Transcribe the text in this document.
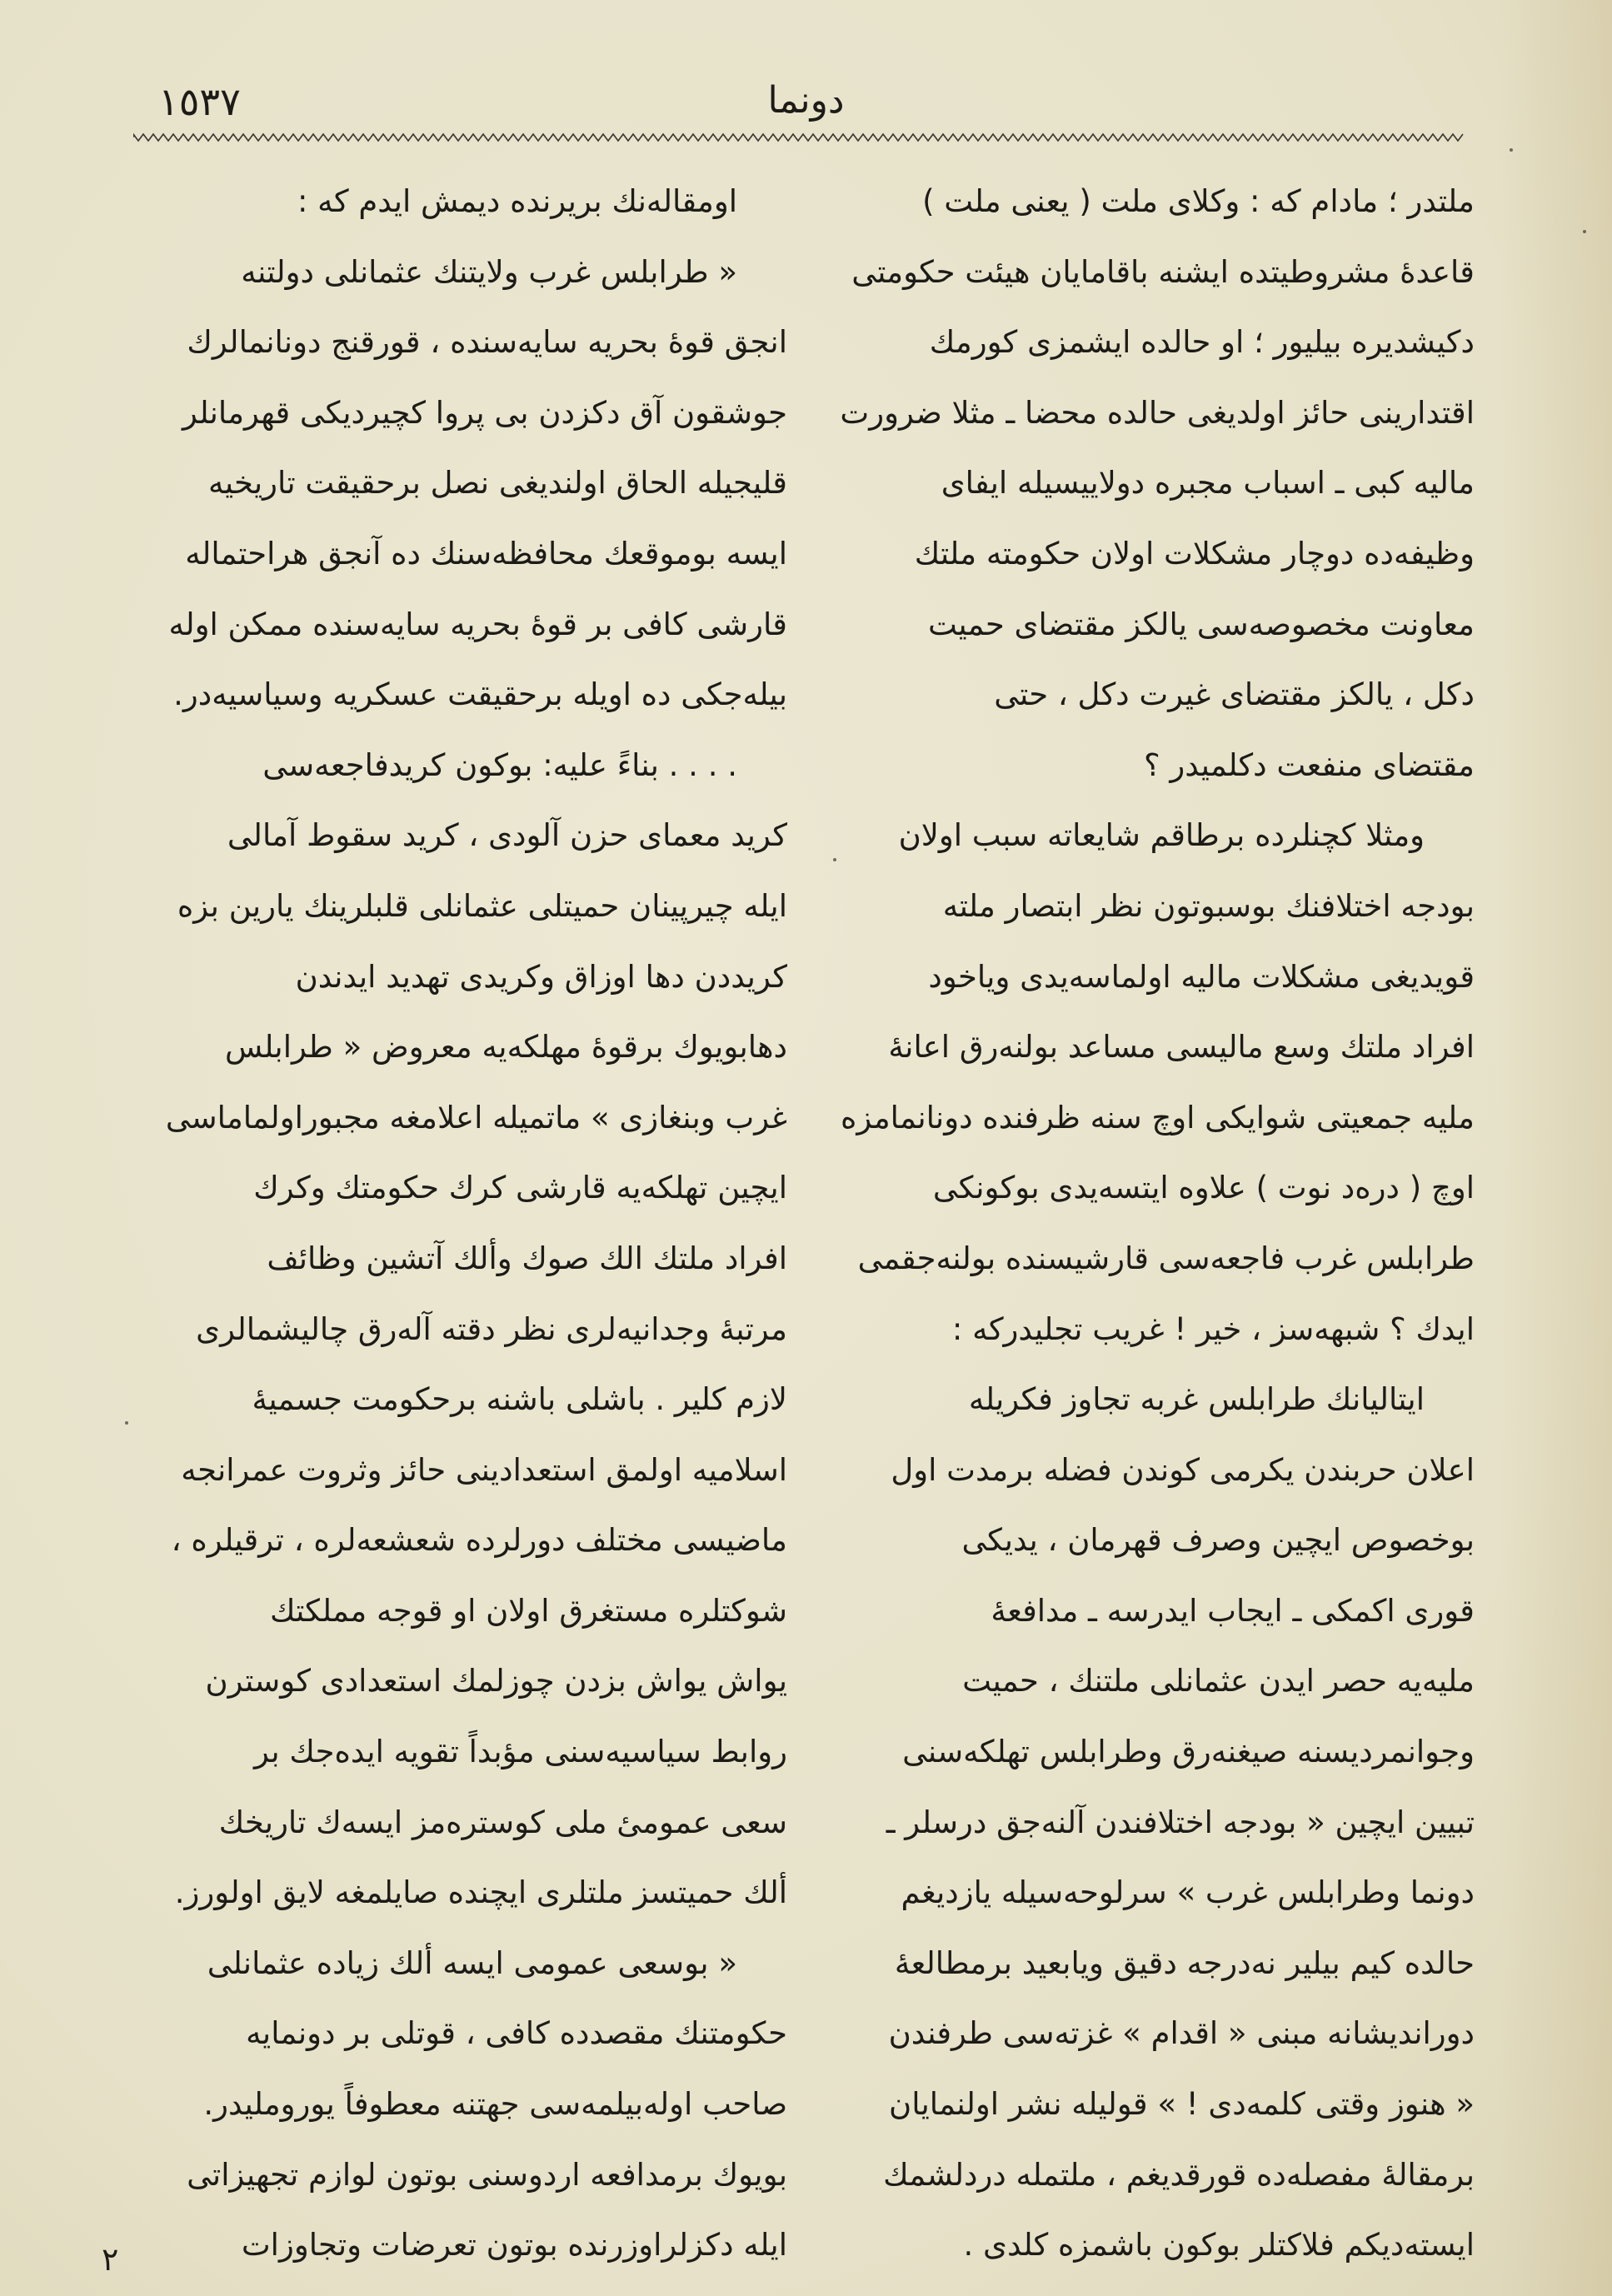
١٥٣٧	دونما
ملتدر ؛ مادام که : وکلای ملت ( یعنی ملت )
قاعدهٔ مشروطیتده ایشنه باقامایان هیئت حکومتی
دکیشدیره بیلیور ؛ او حالده ایشمزی کورمك
اقتدارینی حائز اولدیغی حالده محضا ـ مثلا ضرورت
مالیه کبی ـ اسباب مجبره دولاییسیله ایفای
وظیفه‌ده دوچار مشکلات اولان حکومته ملتك
معاونت مخصوصه‌سی یالکز مقتضای حمیت
دکل ، یالکز مقتضای غیرت دکل ، حتی
مقتضای منفعت دکلمیدر ؟
ومثلا کچنلرده برطاقم شایعاته سبب اولان
بودجه اختلافنك بوسبوتون نظر ابتصار ملته
قویدیغی مشکلات مالیه اولماسه‌یدی ویاخود
افراد ملتك وسع مالیسی مساعد بولنه‌رق اعانهٔ
ملیه جمعیتی شوایکی اوچ سنه ظرفنده دونانمامزه
اوچ ( دره‌د نوت ) علاوه ایتسه‌یدی بوکونکی
طرابلس غرب فاجعه‌سی قارشیسنده بولنه‌جقمی
ایدك ؟ شبهه‌سز ، خیر ! غریب تجلیدرکه :
ایتالیانك طرابلس غربه تجاوز فکریله
اعلان حربندن یکرمی کوندن فضله برمدت اول
بوخصوص ایچین وصرف قهرمان ، یدیکی
قوری اکمکی ـ ایجاب ایدرسه ـ مدافعهٔ
ملیه‌یه حصر ایدن عثمانلی ملتنك ، حمیت
وجوانمردیسنه صیغنه‌رق وطرابلس تهلکه‌سنی
تبیین ایچین « بودجه اختلافندن آلنه‌جق درسلر ـ
دونما وطرابلس غرب » سرلوحه‌سیله یازدیغم
حالده کیم بیلیر نه‌درجه دقیق ویابعید برمطالعهٔ
دوراندیشانه مبنی « اقدام » غزته‌سی طرفندن
« هنوز وقتی کلمه‌دی ! » قولیله نشر اولنمایان
برمقالهٔ مفصله‌ده قورقدیغم ، ملتمله دردلشمك
ایسته‌دیکم فلاکتلر بوکون باشمزه کلدی .
اومقاله‌نك بریرنده دیمش ایدم که :
« طرابلس غرب ولایتنك عثمانلی دولتنه
انجق قوهٔ بحریه سایه‌سنده ، قورقنج دونانمالرك
جوشقون آق دکزدن بی پروا کچیردیکی قهرمانلر
قلیجیله الحاق اولندیغی نصل برحقیقت تاریخیه
ایسه بوموقعك محافظه‌سنك ده آنجق هراحتماله
قارشی کافی بر قوهٔ بحریه سایه‌سنده ممکن اوله‌
بیله‌جکی ده اویله برحقیقت عسکریه وسیاسیه‌در.
. . . . بناءً علیه: بوکون کریدفاجعه‌سی
کرید معماى حزن آلودی ، کرید سقوط آمالی
ایله چیرپینان حمیتلی عثمانلی قلبلرینك یارین بزه
کریددن دها اوزاق وکریدی تهدید ایدندن
دهابویوك برقوهٔ مهلکه‌یه معروض « طرابلس
غرب وبنغازی » ماتمیله اعلامغه مجبوراولماماسی
ایچین تهلکه‌یه قارشی کرك حکومتك وکرك
افراد ملتك الك صوك وألك آتشین وظائف
مرتبهٔ وجدانیه‌لری نظر دقته آله‌رق چالیشمالری
لازم کلیر . باشلی باشنه برحکومت جسمیهٔ
اسلامیه اولمق استعدادینی حائز وثروت عمرانجه
ماضیسی مختلف دورلرده شعشعه‌لره ، ترقیلره ،
شوکتلره مستغرق اولان او قوجه مملکتك
یواش یواش بزدن چوزلمك استعدادی کوسترن
روابط سیاسیه‌سنی مؤبداً تقویه ایده‌جك بر
سعی عمومیٔ ملی کوستره‌مز ایسه‌ك تاریخك
ألك حمیتسز ملتلری ایچنده صایلمغه لایق اولورز.
« بوسعی عمومی ایسه ألك زیاده عثمانلی
حکومتنك مقصدده کافی ، قوتلی بر دونمایه
صاحب اوله‌بیلمه‌سی جهتنه معطوفاً یورومليدر.
بویوك برمدافعه اردوسنی بوتون لوازم تجهیزاتی
ایله دکزلراوزرنده بوتون تعرضات وتجاوزات
٢
